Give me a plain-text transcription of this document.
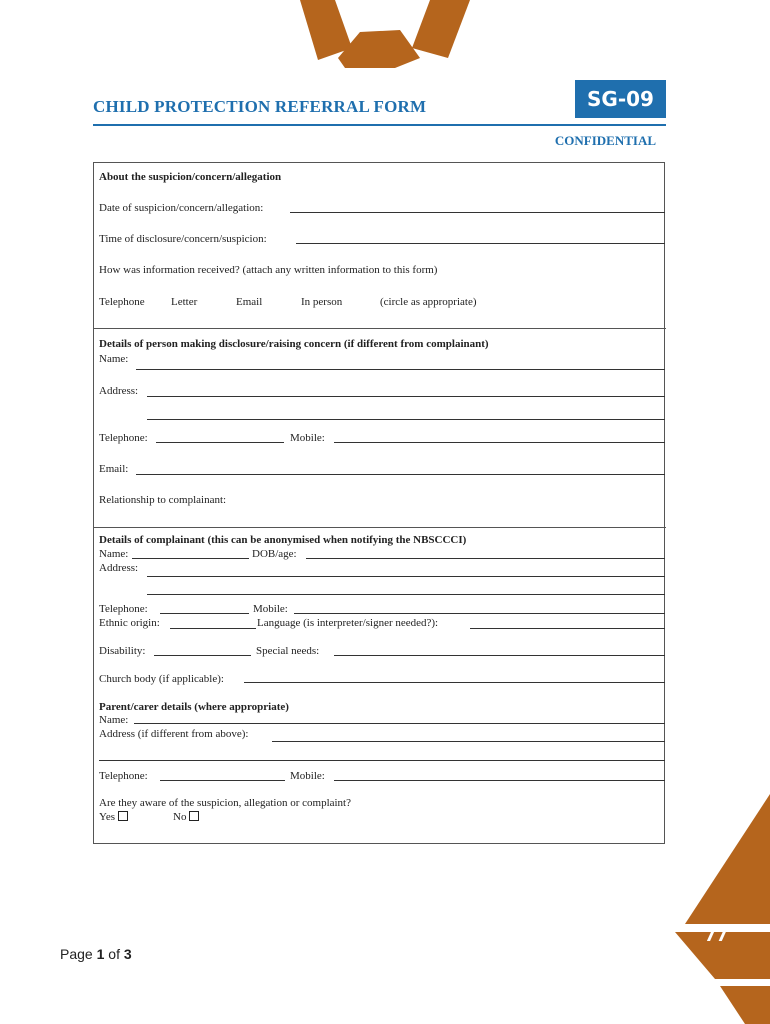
CHILD PROTECTION REFERRAL FORM	SG-09
CONFIDENTIAL
About the suspicion/concern/allegation
Date of suspicion/concern/allegation:
Time of disclosure/concern/suspicion:
How was information received? (attach any written information to this form)
Telephone Letter	Email	In person	(circle as appropriate)
Details of person making disclosure/raising concern (if different from complainant)
Name:
Address:
Telephone:	Mobile:
Email:
Relationship to complainant:
Details of complainant (this can be anonymised when notifying the NBSCCCI)
Name:	DOB/age:
Address:
Telephone:	Mobile:
Ethnic origin:	Language (is interpreter/signer needed?):
Disability:	Special needs:
Church body (if applicable):
Parent/carer details (where appropriate)
Name:
Address (if different from above):
Telephone:	Mobile:
Are they aware of the suspicion, allegation or complaint?
Yes	No
77
Page 1 of 3
